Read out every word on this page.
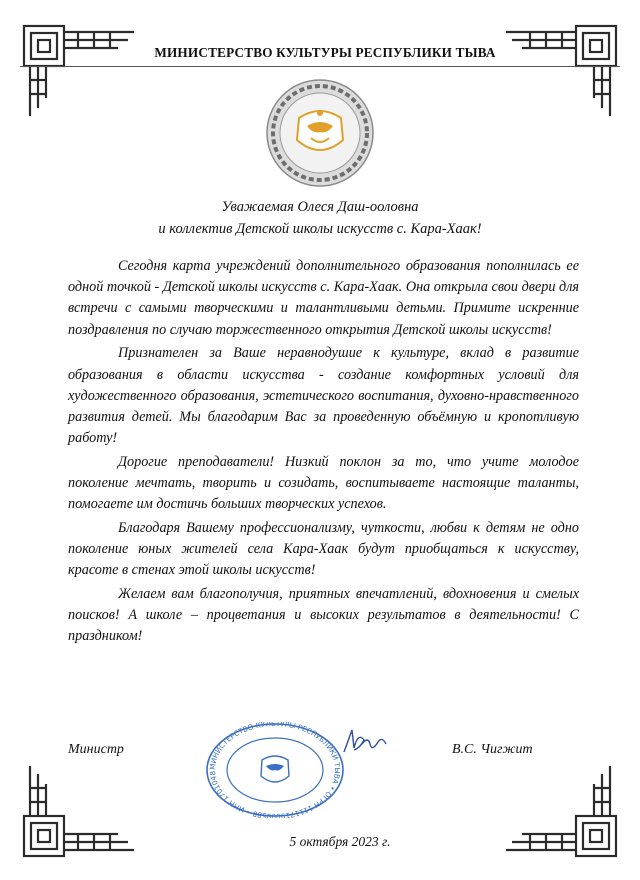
МИНИСТЕРСТВО КУЛЬТУРЫ РЕСПУБЛИКИ ТЫВА
Уважаемая Олеся Даш-ооловна
и коллектив Детской школы искусств с. Кара-Хаак!

Сегодня карта учреждений дополнительного образования пополнилась ее одной точкой - Детской школы искусств с. Кара-Хаак. Она открыла свои двери для встречи с самыми творческими и талантливыми детьми. Примите искренние поздравления по случаю торжественного открытия Детской школы искусств!

Признателен за Ваше неравнодушие к культуре, вклад в развитие образования в области искусства - создание комфортных условий для художественного образования, эстетического воспитания, духовно-нравственного развития детей. Мы благодарим Вас за проведенную объёмную и кропотливую работу!

Дорогие преподаватели! Низкий поклон за то, что учите молодое поколение мечтать, творить и созидать, воспитываете настоящие таланты, помогаете им достичь больших творческих успехов.

Благодаря Вашему профессионализму, чуткости, любви к детям не одно поколение юных жителей села Кара-Хаак будут приобщаться к искусству, красоте в стенах этой школы искусств!

Желаем вам благополучия, приятных впечатлений, вдохновения и смелых поисков! А школе – процветания и высоких результатов в деятельности! С праздником!

МИНИСТЕРСТВО КУЛЬТУРЫ РЕСПУБЛИКИ ТЫВА • ОГРН 1111719000588 • ИНН 1701048
Министр	В.С. Чигжит
5 октября 2023 г.
